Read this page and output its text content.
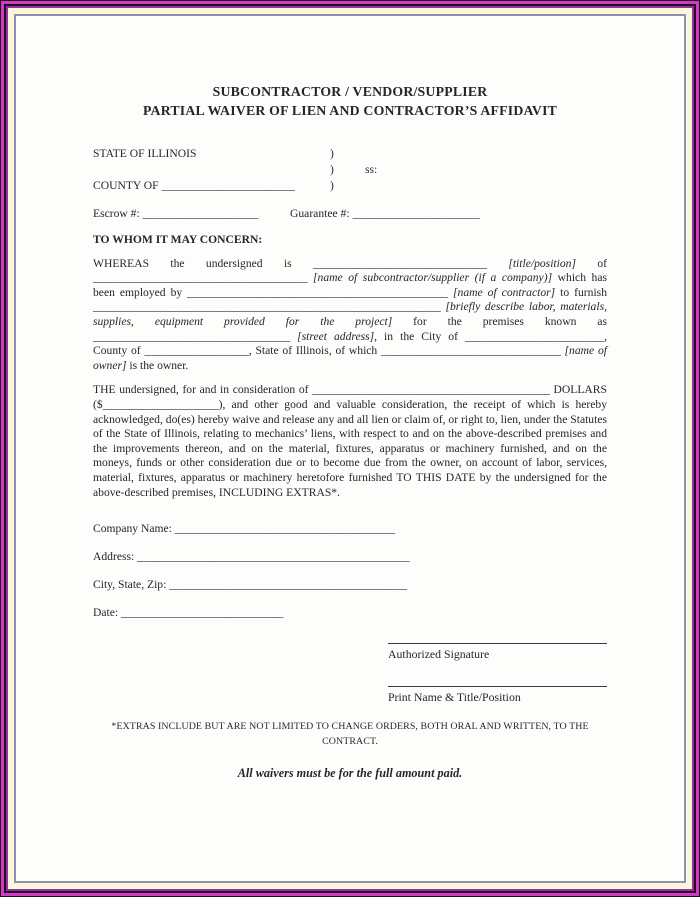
SUBCONTRACTOR / VENDOR/SUPPLIER
PARTIAL WAIVER OF LIEN AND CONTRACTOR’S AFFIDAVIT
STATE OF ILLINOIS	)
)	ss:
COUNTY OF _______________________	)
Escrow #: ____________________	Guarantee #: ______________________
TO WHOM IT MAY CONCERN:
WHEREAS the undersigned is ______________________________ [title/position] of _____________________________________ [name of subcontractor/supplier (if a company)] which has been employed by _____________________________________________ [name of contractor] to furnish ____________________________________________________________ [briefly describe labor, materials, supplies, equipment provided for the project] for the premises known as __________________________________ [street address], in the City of ________________________, County of __________________, State of Illinois, of which _______________________________ [name of owner] is the owner.
THE undersigned, for and in consideration of _________________________________________ DOLLARS ($____________________), and other good and valuable consideration, the receipt of which is hereby acknowledged, do(es) hereby waive and release any and all lien or claim of, or right to, lien, under the Statutes of the State of Illinois, relating to mechanics’ liens, with respect to and on the above-described premises and the improvements thereon, and on the material, fixtures, apparatus or machinery furnished, and on the moneys, funds or other consideration due or to become due from the owner, on account of labor, services, material, fixtures, apparatus or machinery heretofore furnished TO THIS DATE by the undersigned for the above-described premises, INCLUDING EXTRAS*.
Company Name: ______________________________________
Address: _______________________________________________
City, State, Zip: _________________________________________
Date: ____________________________
Authorized Signature
Print Name & Title/Position
*EXTRAS INCLUDE BUT ARE NOT LIMITED TO CHANGE ORDERS, BOTH ORAL AND WRITTEN, TO THE CONTRACT.
All waivers must be for the full amount paid.
